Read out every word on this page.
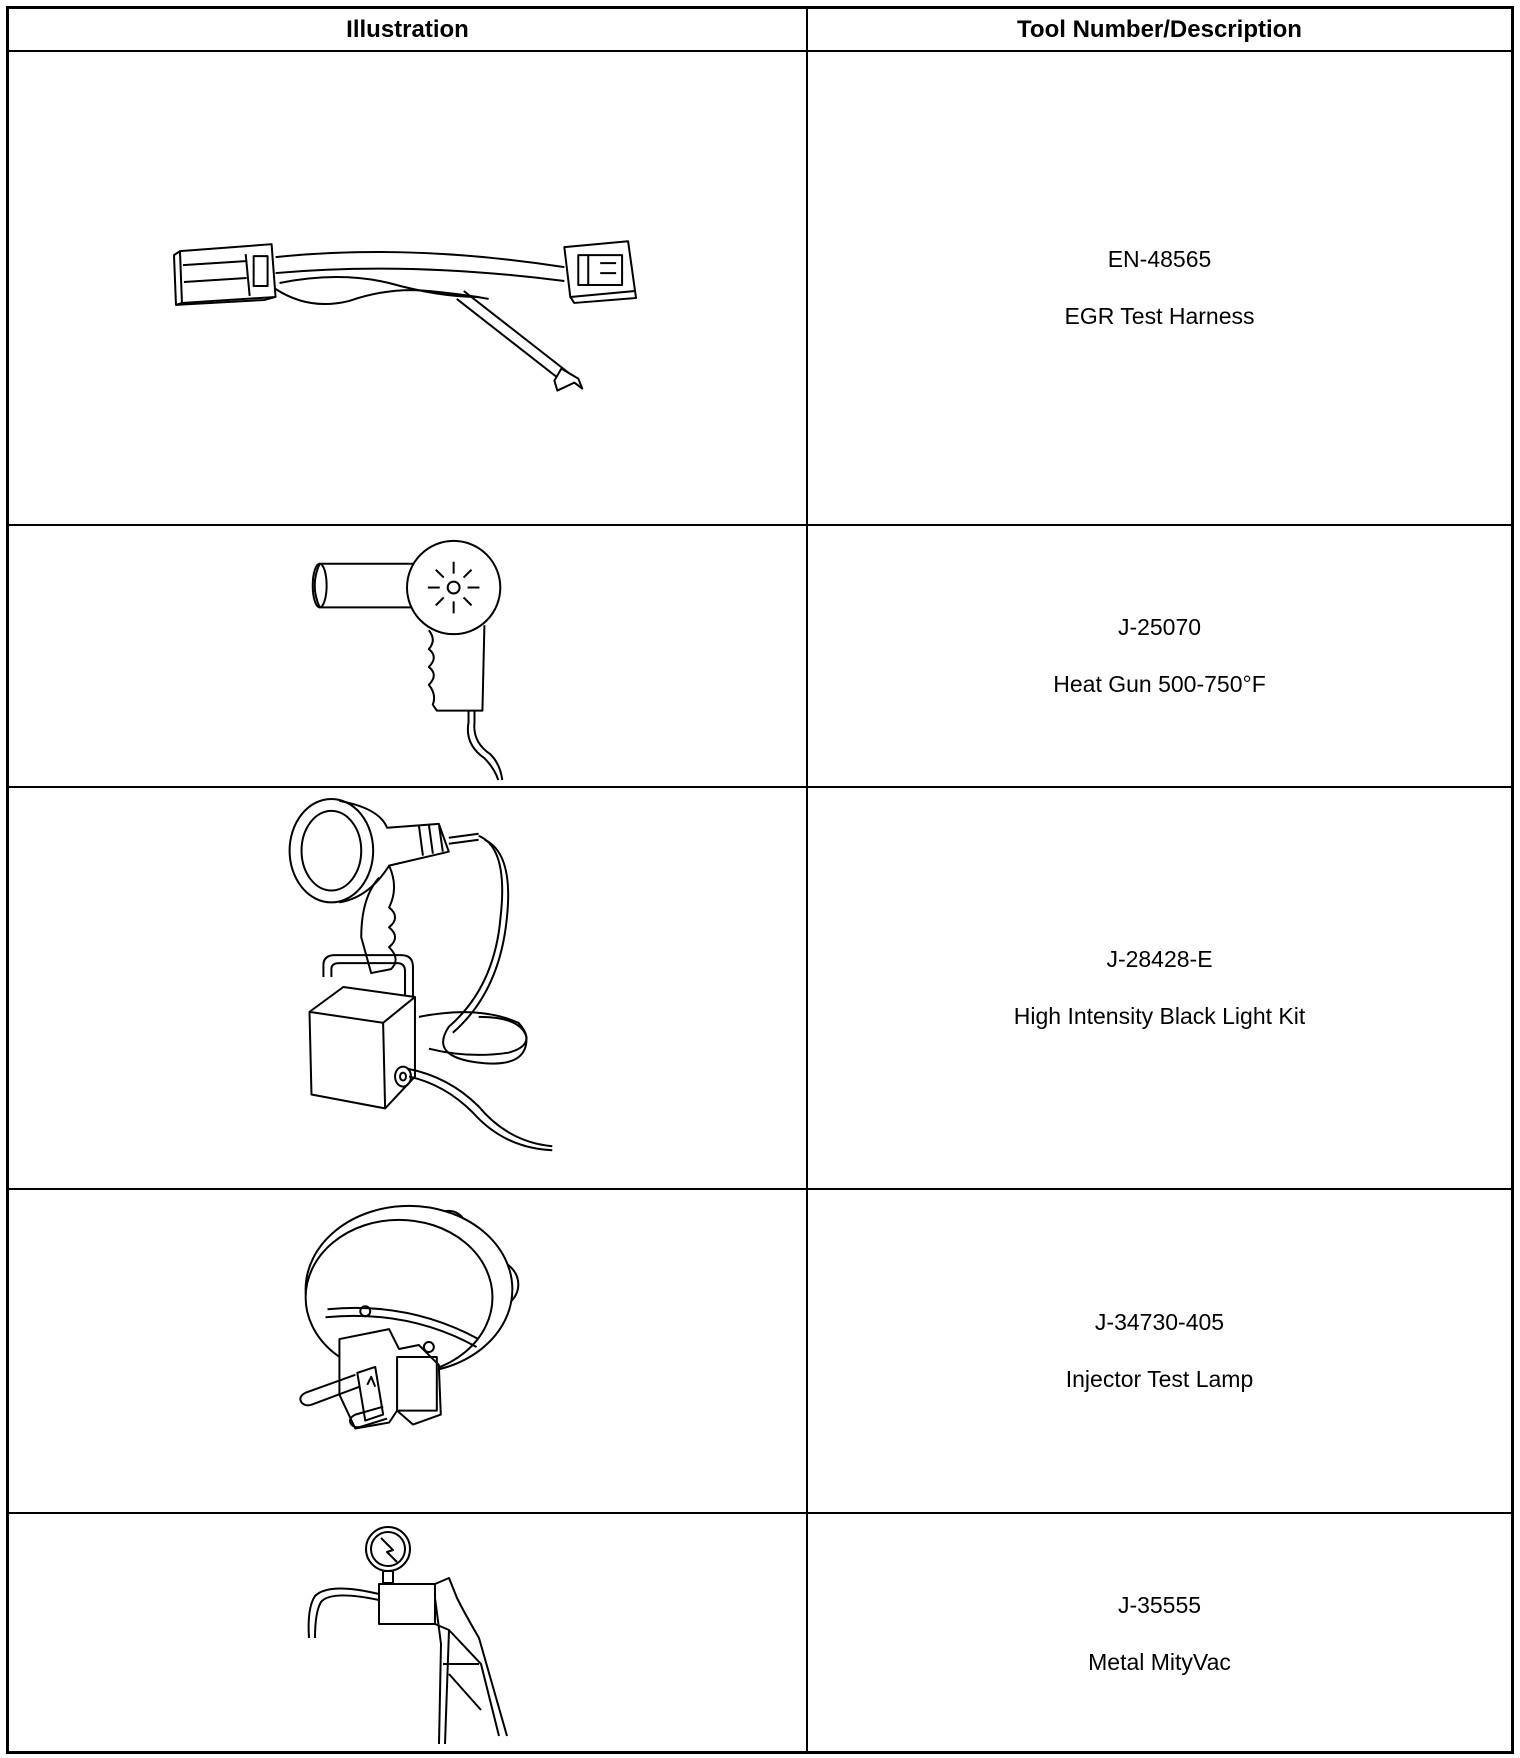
Illustration	Tool Number/Description
EN-48565
EGR Test Harness
J-25070
Heat Gun 500-750°F
J-28428-E
High Intensity Black Light Kit
J-34730-405
Injector Test Lamp
J-35555
Metal MityVac
